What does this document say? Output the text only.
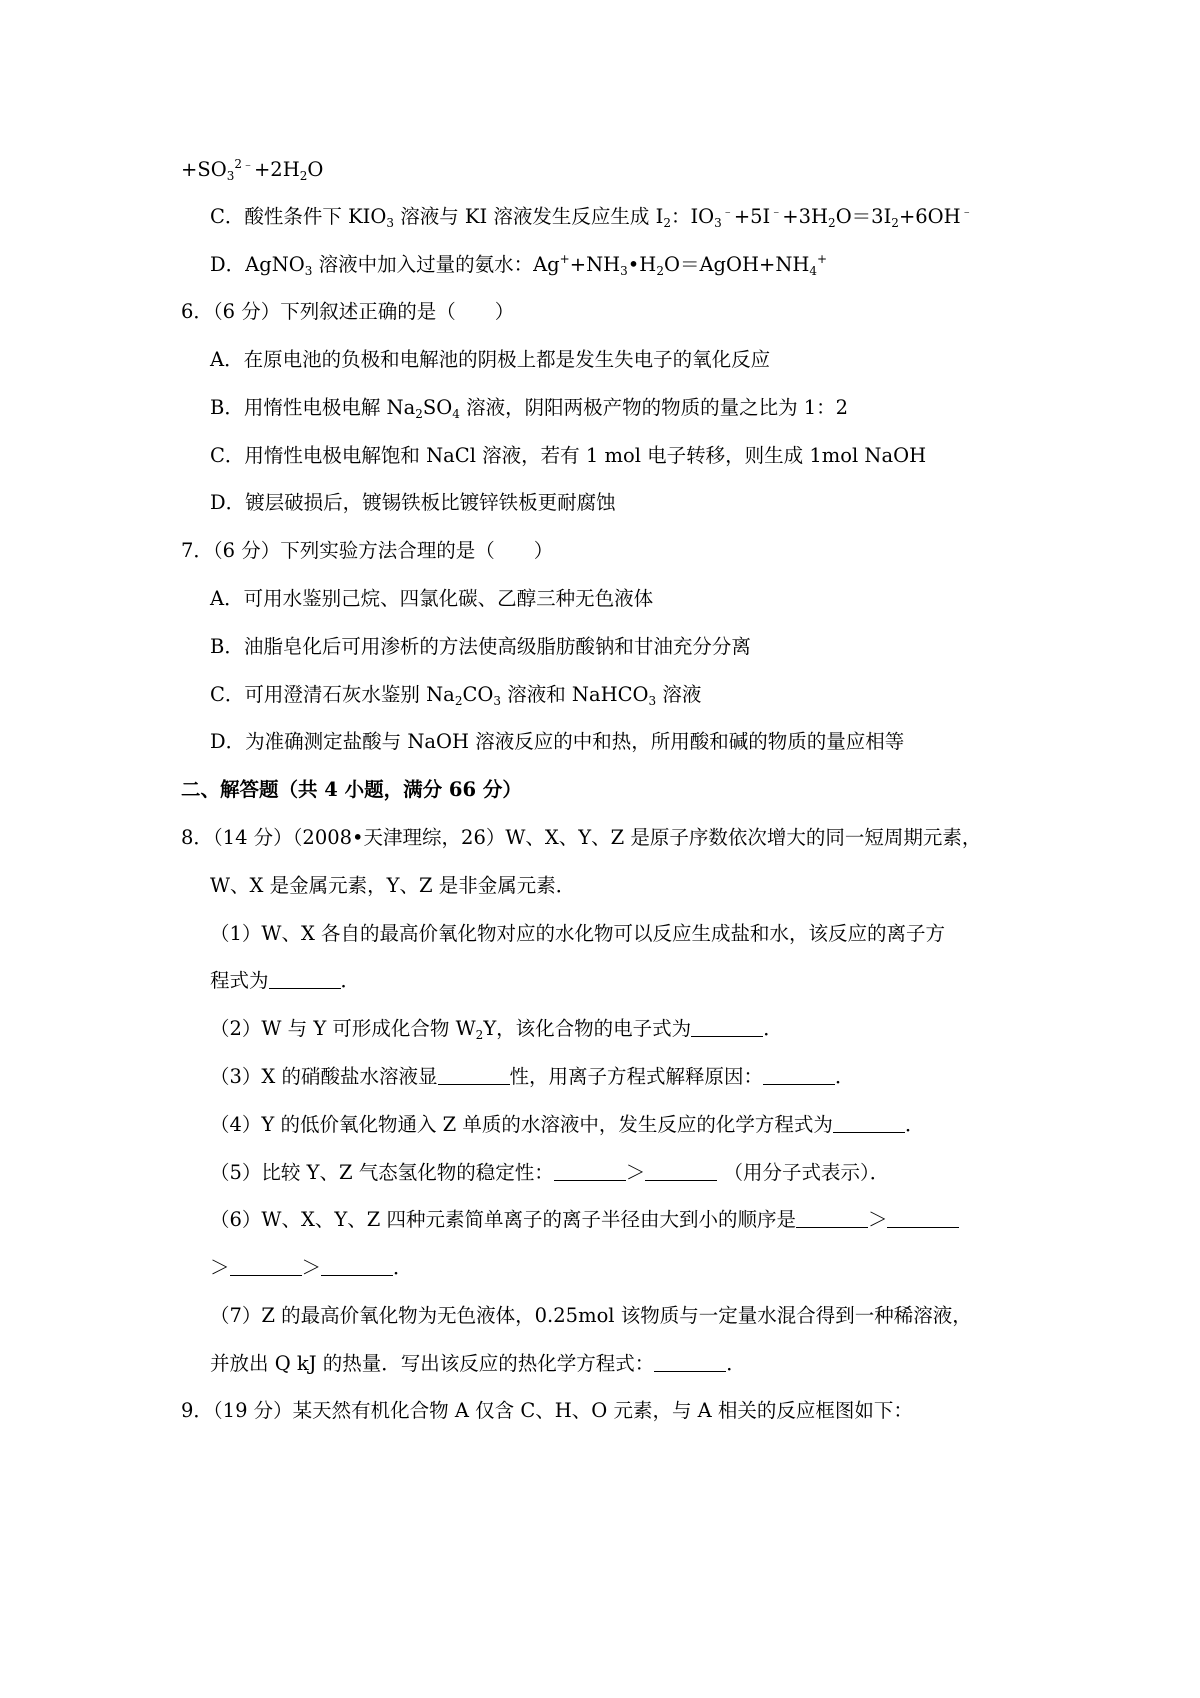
$+SO_3^{2﹣}+2H_2O$

C．酸性条件下 $KIO_3$ 溶液与 KI 溶液发生反应生成 $I_2$：$IO_3^﹣+5I^﹣+3H_2O=3I_2+6OH^﹣$

D．AgNO$_3$ 溶液中加入过量的氨水：$Ag^++NH_3•H_2O=AgOH+NH_4^+$

6．（6 分）下列叙述正确的是（　　）

A．在原电池的负极和电解池的阴极上都是发生失电子的氧化反应

B．用惰性电极电解 $Na_2SO_4$ 溶液，阴阳两极产物的物质的量之比为 1：2

C．用惰性电极电解饱和 NaCl 溶液，若有 1 mol 电子转移，则生成 1mol NaOH

D．镀层破损后，镀锡铁板比镀锌铁板更耐腐蚀

7．（6 分）下列实验方法合理的是（　　）

A．可用水鉴别己烷、四氯化碳、乙醇三种无色液体

B．油脂皂化后可用渗析的方法使高级脂肪酸钠和甘油充分分离

C．可用澄清石灰水鉴别 $Na_2CO_3$ 溶液和 NaHCO$_3$ 溶液

D．为准确测定盐酸与 NaOH 溶液反应的中和热，所用酸和碱的物质的量应相等

二、解答题（共 4 小题，满分 66 分）

8．（14 分）（2008•天津理综，26）W、X、Y、Z 是原子序数依次增大的同一短周期元素，

W、X 是金属元素，Y、Z 是非金属元素．

（1）W、X 各自的最高价氧化物对应的水化物可以反应生成盐和水，该反应的离子方

程式为	．

（2）W 与 Y 可形成化合物 $W_2Y$，该化合物的电子式为	．

（3）X 的硝酸盐水溶液显	性，用离子方程式解释原因：	．

（4）Y 的低价氧化物通入 Z 单质的水溶液中，发生反应的化学方程式为	．

（5）比较 Y、Z 气态氢化物的稳定性：	＞	（用分子式表示）．

（6）W、X、Y、Z 四种元素简单离子的离子半径由大到小的顺序是	＞

＞	＞	．

（7）Z 的最高价氧化物为无色液体，0.25mol 该物质与一定量水混合得到一种稀溶液，

并放出 Q kJ 的热量．写出该反应的热化学方程式：	．

9．（19 分）某天然有机化合物 A 仅含 C、H、O 元素，与 A 相关的反应框图如下：
